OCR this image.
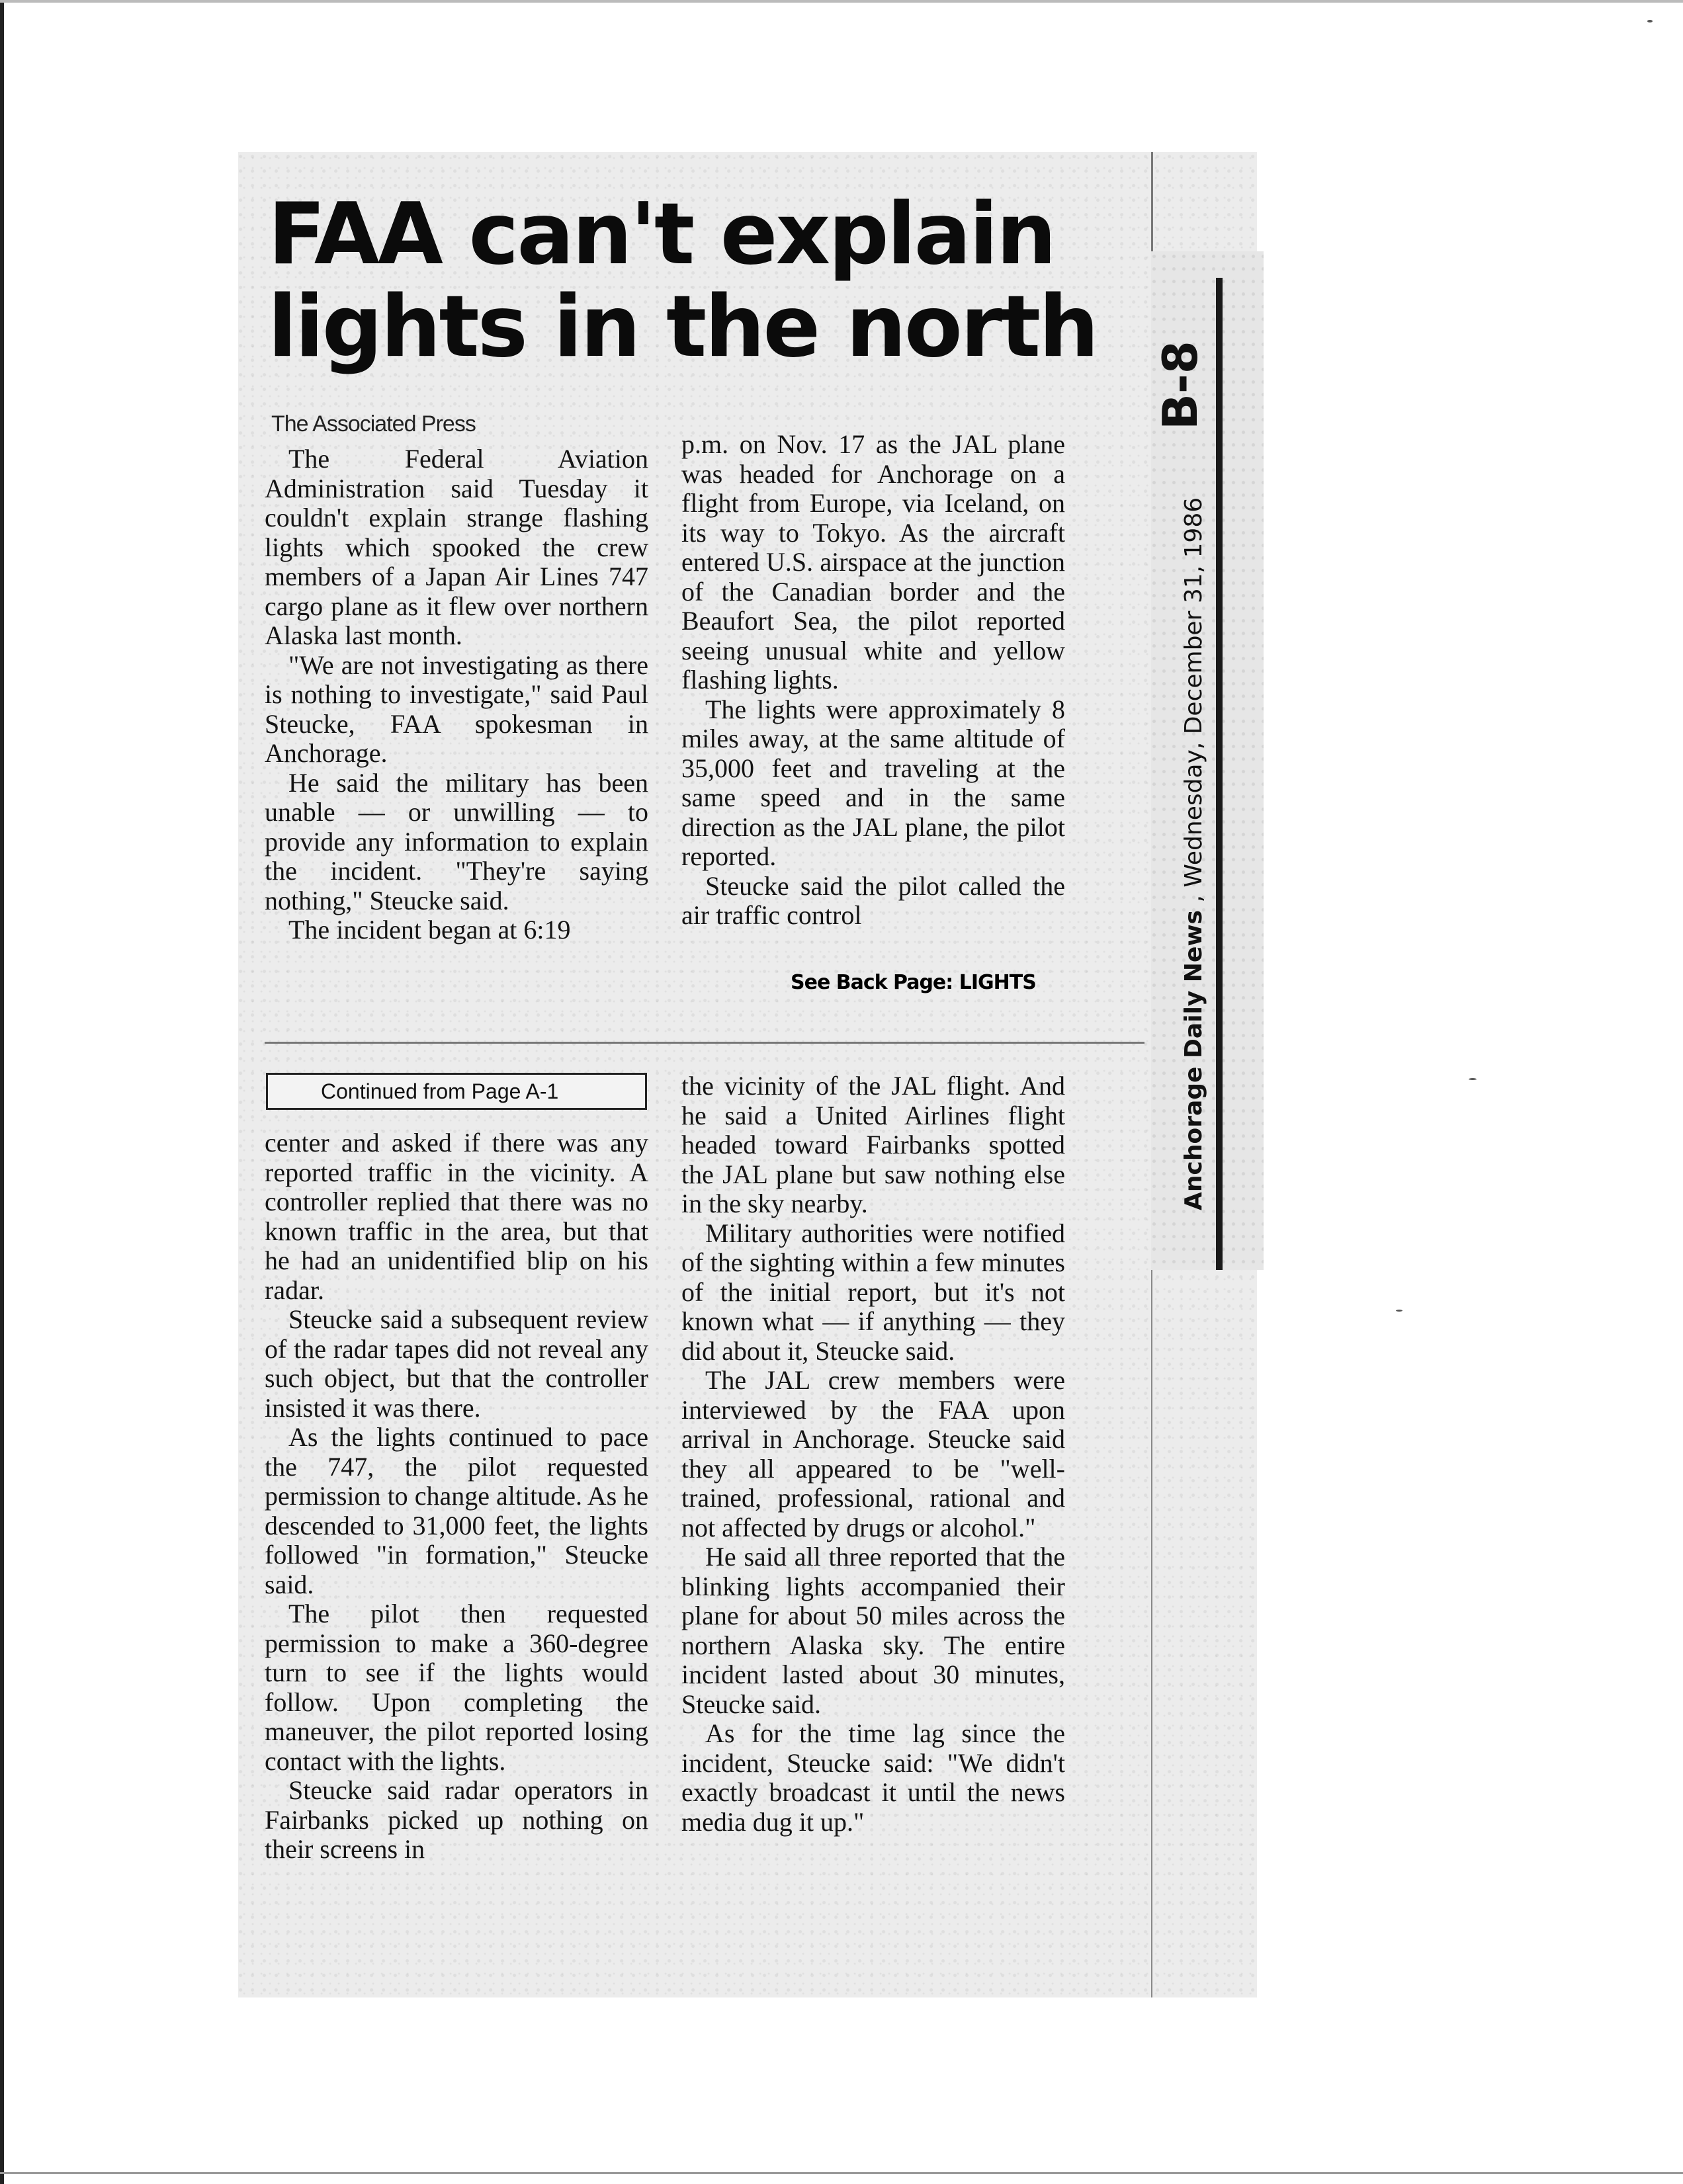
B-8
Anchorage Daily News , Wednesday, December 31, 1986
FAA can't explain
lights in the north
The Associated Press

The Federal Aviation Administration said Tuesday it couldn't explain strange flashing lights which spooked the crew members of a Japan Air Lines 747 cargo plane as it flew over northern Alaska last month.

"We are not investigating as there is nothing to investigate," said Paul Steucke, FAA spokesman in Anchorage.

He said the military has been unable — or unwilling — to provide any information to explain the incident. "They're saying nothing," Steucke said.

The incident began at 6:19

p.m. on Nov. 17 as the JAL plane was headed for Anchorage on a flight from Europe, via Iceland, on its way to Tokyo. As the aircraft entered U.S. airspace at the junction of the Canadian border and the Beaufort Sea, the pilot reported seeing unusual white and yellow flashing lights.

The lights were approximately 8 miles away, at the same altitude of 35,000 feet and traveling at the same speed and in the same direction as the JAL plane, the pilot reported.

Steucke said the pilot called the air traffic control

See Back Page: LIGHTS
Continued from Page A-1

center and asked if there was any reported traffic in the vicinity. A controller replied that there was no known traffic in the area, but that he had an unidentified blip on his radar.

Steucke said a subsequent review of the radar tapes did not reveal any such object, but that the controller insisted it was there.

As the lights continued to pace the 747, the pilot requested permission to change altitude. As he descended to 31,000 feet, the lights followed "in formation," Steucke said.

The pilot then requested permission to make a 360-degree turn to see if the lights would follow. Upon completing the maneuver, the pilot reported losing contact with the lights.

Steucke said radar operators in Fairbanks picked up nothing on their screens in

the vicinity of the JAL flight. And he said a United Airlines flight headed toward Fairbanks spotted the JAL plane but saw nothing else in the sky nearby.

Military authorities were notified of the sighting within a few minutes of the initial report, but it's not known what — if anything — they did about it, Steucke said.

The JAL crew members were interviewed by the FAA upon arrival in Anchorage. Steucke said they all appeared to be "well-trained, professional, rational and not affected by drugs or alcohol."

He said all three reported that the blinking lights accompanied their plane for about 50 miles across the northern Alaska sky. The entire incident lasted about 30 minutes, Steucke said.

As for the time lag since the incident, Steucke said: "We didn't exactly broadcast it until the news media dug it up."
